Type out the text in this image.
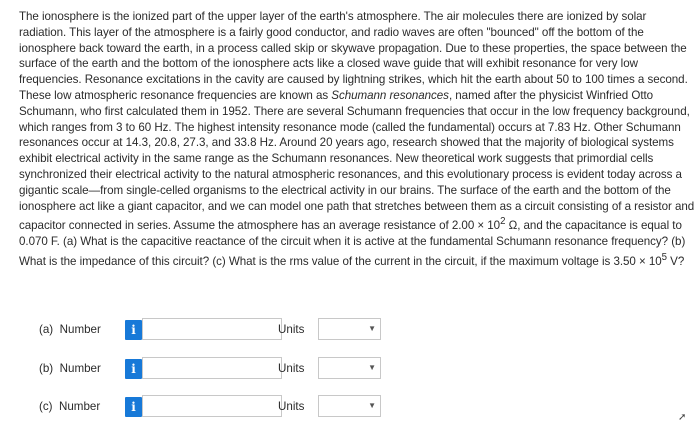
The ionosphere is the ionized part of the upper layer of the earth's atmosphere. The air molecules there are ionized by solar radiation. This layer of the atmosphere is a fairly good conductor, and radio waves are often "bounced" off the bottom of the ionosphere back toward the earth, in a process called skip or skywave propagation. Due to these properties, the space between the surface of the earth and the bottom of the ionosphere acts like a closed wave guide that will exhibit resonance for very low frequencies. Resonance excitations in the cavity are caused by lightning strikes, which hit the earth about 50 to 100 times a second. These low atmospheric resonance frequencies are known as Schumann resonances, named after the physicist Winfried Otto Schumann, who first calculated them in 1952. There are several Schumann frequencies that occur in the low frequency background, which ranges from 3 to 60 Hz. The highest intensity resonance mode (called the fundamental) occurs at 7.83 Hz. Other Schumann resonances occur at 14.3, 20.8, 27.3, and 33.8 Hz. Around 20 years ago, research showed that the majority of biological systems exhibit electrical activity in the same range as the Schumann resonances. New theoretical work suggests that primordial cells synchronized their electrical activity to the natural atmospheric resonances, and this evolutionary process is evident today across a gigantic scale—from single-celled organisms to the electrical activity in our brains. The surface of the earth and the bottom of the ionosphere act like a giant capacitor, and we can model one path that stretches between them as a circuit consisting of a resistor and capacitor connected in series. Assume the atmosphere has an average resistance of $2.00 \times 10^2$ Ω, and the capacitance is equal to 0.070 F. (a) What is the capacitive reactance of the circuit when it is active at the fundamental Schumann resonance frequency? (b) What is the impedance of this circuit? (c) What is the rms value of the current in the circuit, if the maximum voltage is $3.50 \times 10^5$ V?
(a) Number	i	Units	▼
(b) Number	i	Units	▼
(c) Number	i	Units	▼
➚
